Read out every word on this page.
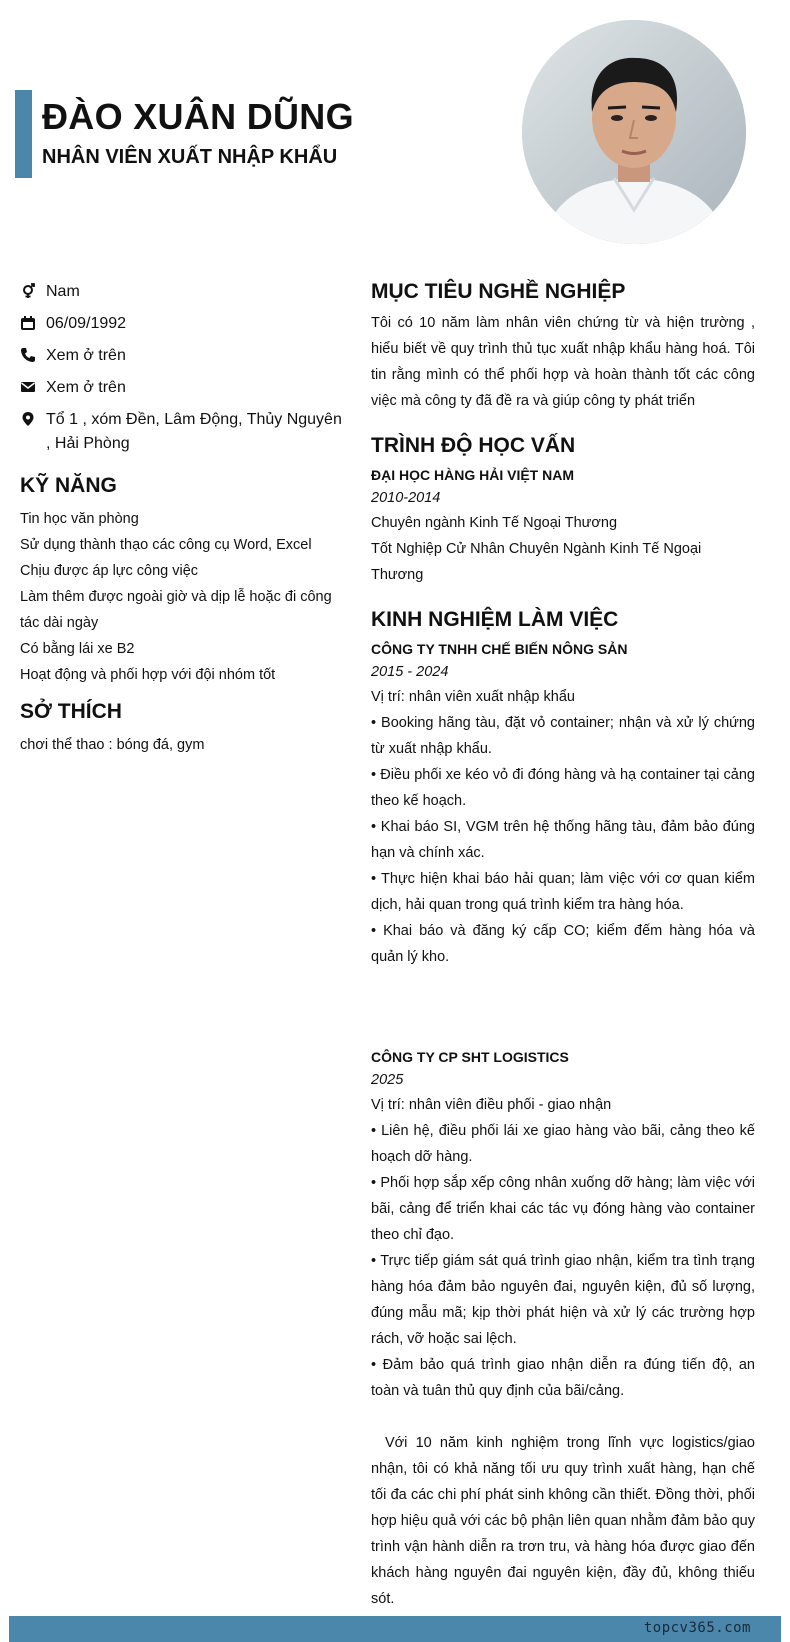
ĐÀO XUÂN DŨNG
NHÂN VIÊN XUẤT NHẬP KHẨU
Nam
06/09/1992
Xem ở trên
Xem ở trên
Tổ 1 , xóm Đền, Lâm Động, Thủy Nguyên , Hải Phòng
KỸ NĂNG
Tin học văn phòng
Sử dụng thành thạo các công cụ Word, Excel Chịu được áp lực công việc
Làm thêm được ngoài giờ và dịp lễ hoặc đi công tác dài ngày
Có bằng lái xe B2
Hoạt động và phối hợp với đội nhóm tốt
SỞ THÍCH
chơi thể thao : bóng đá, gym
MỤC TIÊU NGHỀ NGHIỆP

Tôi có 10 năm làm nhân viên chứng từ và hiện trường , hiểu biết về quy trình thủ tục xuất nhập khẩu hàng hoá. Tôi tin rằng mình có thể phối hợp và hoàn thành tốt các công việc mà công ty đã đề ra và giúp công ty phát triển

TRÌNH ĐỘ HỌC VẤN

ĐẠI HỌC HÀNG HẢI VIỆT NAM

2010-2014

Chuyên ngành Kinh Tế Ngoại Thương

Tốt Nghiệp Cử Nhân Chuyên Ngành Kinh Tế Ngoại Thương

KINH NGHIỆM LÀM VIỆC

CÔNG TY TNHH CHẾ BIẾN NÔNG SẢN

2015 - 2024

Vị trí: nhân viên xuất nhập khẩu

• Booking hãng tàu, đặt vỏ container; nhận và xử lý chứng từ xuất nhập khẩu.

• Điều phối xe kéo vỏ đi đóng hàng và hạ container tại cảng theo kế hoạch.

• Khai báo SI, VGM trên hệ thống hãng tàu, đảm bảo đúng hạn và chính xác.

• Thực hiện khai báo hải quan; làm việc với cơ quan kiểm dịch, hải quan trong quá trình kiểm tra hàng hóa.

• Khai báo và đăng ký cấp CO; kiểm đếm hàng hóa và quản lý kho.

CÔNG TY CP SHT LOGISTICS

2025

Vị trí: nhân viên điều phối - giao nhận

• Liên hệ, điều phối lái xe giao hàng vào bãi, cảng theo kế hoạch dỡ hàng.

• Phối hợp sắp xếp công nhân xuống dỡ hàng; làm việc với bãi, cảng để triển khai các tác vụ đóng hàng vào container theo chỉ đạo.

• Trực tiếp giám sát quá trình giao nhận, kiểm tra tình trạng hàng hóa đảm bảo nguyên đai, nguyên kiện, đủ số lượng, đúng mẫu mã; kịp thời phát hiện và xử lý các trường hợp rách, vỡ hoặc sai lệch.

• Đảm bảo quá trình giao nhận diễn ra đúng tiến độ, an toàn và tuân thủ quy định của bãi/cảng.

Với 10 năm kinh nghiệm trong lĩnh vực logistics/giao nhận, tôi có khả năng tối ưu quy trình xuất hàng, hạn chế tối đa các chi phí phát sinh không cần thiết. Đồng thời, phối hợp hiệu quả với các bộ phận liên quan nhằm đảm bảo quy trình vận hành diễn ra trơn tru, và hàng hóa được giao đến khách hàng nguyên đai nguyên kiện, đầy đủ, không thiếu sót.

topcv365.com
